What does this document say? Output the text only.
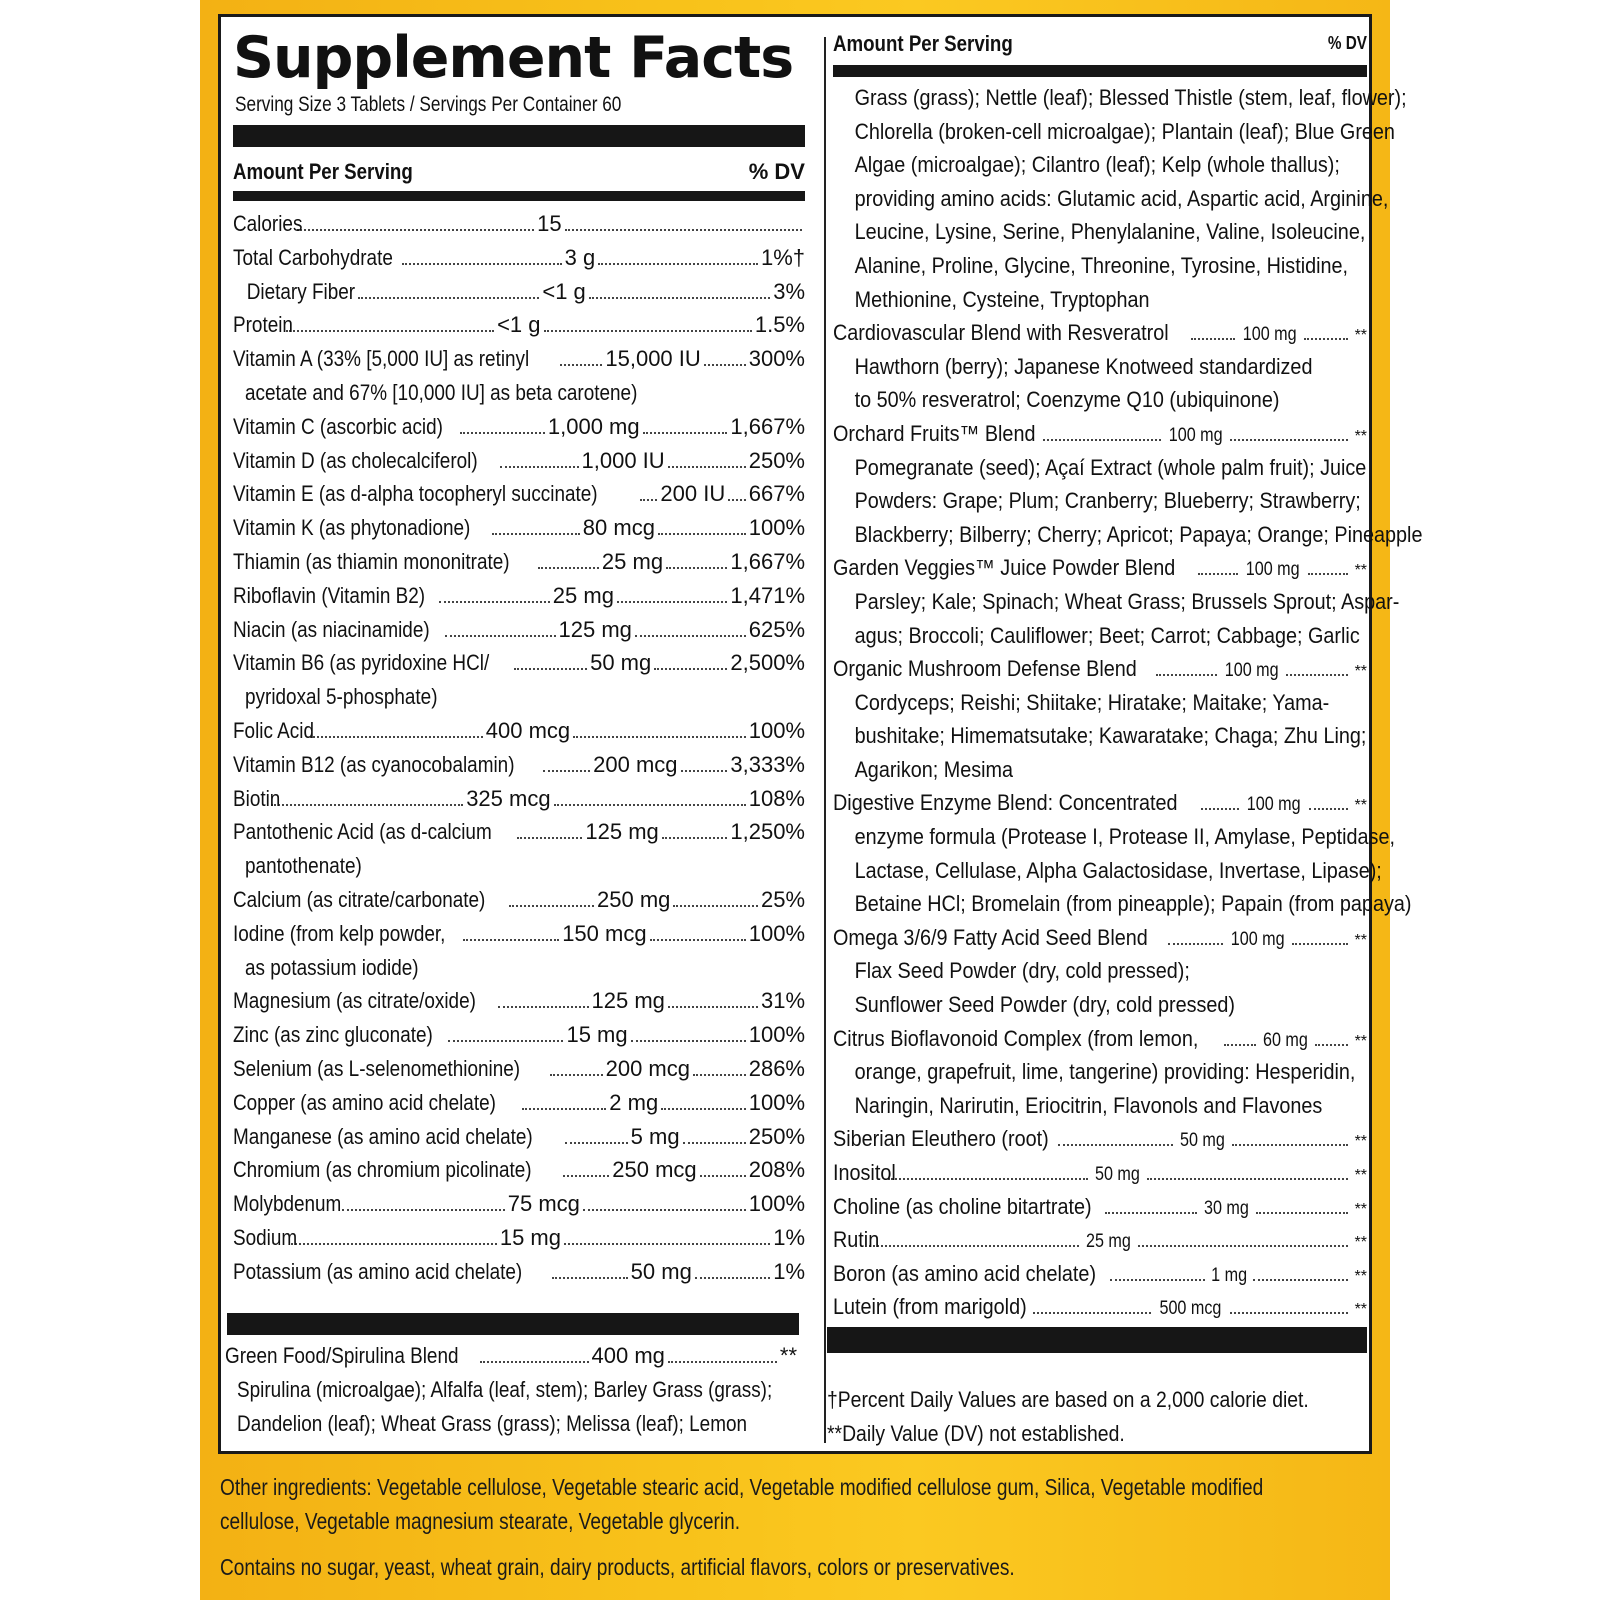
Supplement Facts
Serving Size 3 Tablets / Servings Per Container 60
Amount Per Serving	% DV
Calories	15
Total Carbohydrate	3 g	1%†
Dietary Fiber	<1 g	3%
Protein	<1 g	1.5%
Vitamin A (33% [5,000 IU] as retinyl	15,000 IU 300%
acetate and 67% [10,000 IU] as beta carotene)
Vitamin C (ascorbic acid)	1,000 mg	1,667%
Vitamin D (as cholecalciferol)	1,000 IU	250%
Vitamin E (as d-alpha tocopheryl succinate)	200 IU 667%
Vitamin K (as phytonadione)	80 mcg	100%
Thiamin (as thiamin mononitrate)	25 mg	1,667%
Riboflavin (Vitamin B2)	25 mg	1,471%
Niacin (as niacinamide)	125 mg	625%
Vitamin B6 (as pyridoxine HCl/	50 mg	2,500%
pyridoxal 5-phosphate)
Folic Acid	400 mcg	100%
Vitamin B12 (as cyanocobalamin)	200 mcg 3,333%
Biotin	325 mcg	108%
Pantothenic Acid (as d-calcium	125 mg	1,250%
pantothenate)
Calcium (as citrate/carbonate)	250 mg	25%
Iodine (from kelp powder,	150 mcg	100%
as potassium iodide)
Magnesium (as citrate/oxide)	125 mg	31%
Zinc (as zinc gluconate)	15 mg	100%
Selenium (as L-selenomethionine)	200 mcg	286%
Copper (as amino acid chelate)	2 mg	100%
Manganese (as amino acid chelate)	5 mg	250%
Chromium (as chromium picolinate)	250 mcg 208%
Molybdenum	75 mcg	100%
Sodium	15 mg	1%
Potassium (as amino acid chelate)	50 mg	1%
Green Food/Spirulina Blend	400 mg	**
Spirulina (microalgae); Alfalfa (leaf, stem); Barley Grass (grass);
Dandelion (leaf); Wheat Grass (grass); Melissa (leaf); Lemon
Amount Per Serving	% DV
Grass (grass); Nettle (leaf); Blessed Thistle (stem, leaf, flower);
Chlorella (broken-cell microalgae); Plantain (leaf); Blue Green
Algae (microalgae); Cilantro (leaf); Kelp (whole thallus);
providing amino acids: Glutamic acid, Aspartic acid, Arginine,
Leucine, Lysine, Serine, Phenylalanine, Valine, Isoleucine,
Alanine, Proline, Glycine, Threonine, Tyrosine, Histidine,
Methionine, Cysteine, Tryptophan
Cardiovascular Blend with Resveratrol	100 mg	**
Hawthorn (berry); Japanese Knotweed standardized
to 50% resveratrol; Coenzyme Q10 (ubiquinone)
Orchard Fruits™ Blend	100 mg	**
Pomegranate (seed); Açaí Extract (whole palm fruit); Juice
Powders: Grape; Plum; Cranberry; Blueberry; Strawberry;
Blackberry; Bilberry; Cherry; Apricot; Papaya; Orange; Pineapple
Garden Veggies™ Juice Powder Blend	100 mg	**
Parsley; Kale; Spinach; Wheat Grass; Brussels Sprout; Aspar-
agus; Broccoli; Cauliflower; Beet; Carrot; Cabbage; Garlic
Organic Mushroom Defense Blend	100 mg	**
Cordyceps; Reishi; Shiitake; Hiratake; Maitake; Yama-
bushitake; Himematsutake; Kawaratake; Chaga; Zhu Ling;
Agarikon; Mesima
Digestive Enzyme Blend: Concentrated	100 mg	**
enzyme formula (Protease I, Protease II, Amylase, Peptidase,
Lactase, Cellulase, Alpha Galactosidase, Invertase, Lipase);
Betaine HCl; Bromelain (from pineapple); Papain (from papaya)
Omega 3/6/9 Fatty Acid Seed Blend	100 mg	**
Flax Seed Powder (dry, cold pressed);
Sunflower Seed Powder (dry, cold pressed)
Citrus Bioflavonoid Complex (from lemon,	60 mg	**
orange, grapefruit, lime, tangerine) providing: Hesperidin,
Naringin, Narirutin, Eriocitrin, Flavonols and Flavones
Siberian Eleuthero (root)	50 mg	**
Inositol	50 mg	**
Choline (as choline bitartrate)	30 mg	**
Rutin	25 mg	**
Boron (as amino acid chelate)	1 mg	**
Lutein (from marigold)	500 mcg	**
†Percent Daily Values are based on a 2,000 calorie diet.
**Daily Value (DV) not established.
Other ingredients: Vegetable cellulose, Vegetable stearic acid, Vegetable modified cellulose gum, Silica, Vegetable modified
cellulose, Vegetable magnesium stearate, Vegetable glycerin.
Contains no sugar, yeast, wheat grain, dairy products, artificial flavors, colors or preservatives.
